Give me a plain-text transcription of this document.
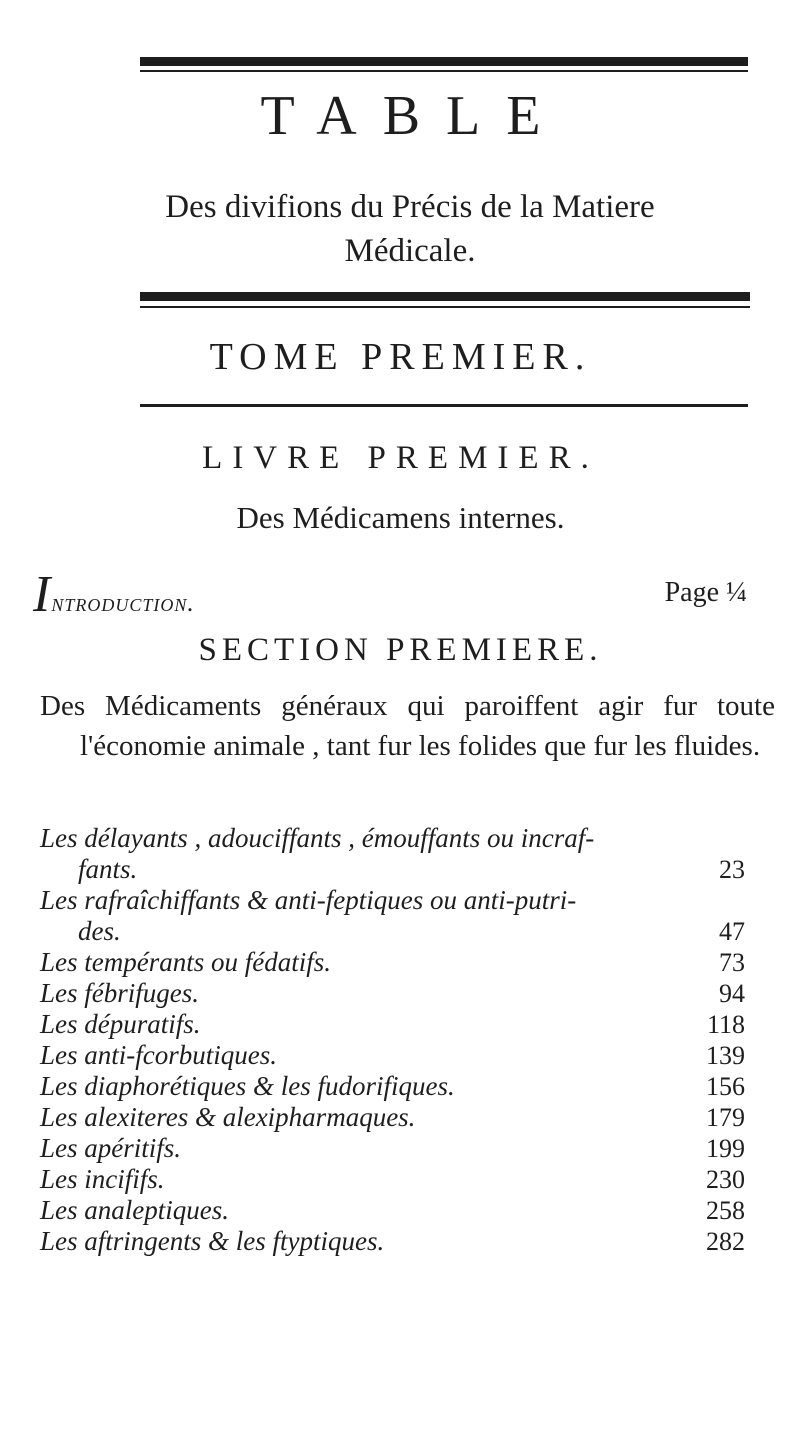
TABLE
Des divifions du Précis de la Matiere
Médicale.
TOME PREMIER.
LIVRE PREMIER.
Des Médicamens internes.
Introduction.	Page ¼
SECTION PREMIERE.

Des Médicaments généraux qui paroiffent agir fur toute l'économie animale , tant fur les folides que fur les fluides.

Les délayants , adouciffants , émouffants ou incraf-
fants.	23
Les rafraîchiffants & anti-feptiques ou anti-putri-
des.	47
Les tempérants ou fédatifs.	73
Les fébrifuges.	94
Les dépuratifs.	118
Les anti-fcorbutiques.	139
Les diaphorétiques & les fudorifiques.	156
Les alexiteres & alexipharmaques.	179
Les apéritifs.	199
Les incififs.	230
Les analeptiques.	258
Les aftringents & les ftyptiques.	282
